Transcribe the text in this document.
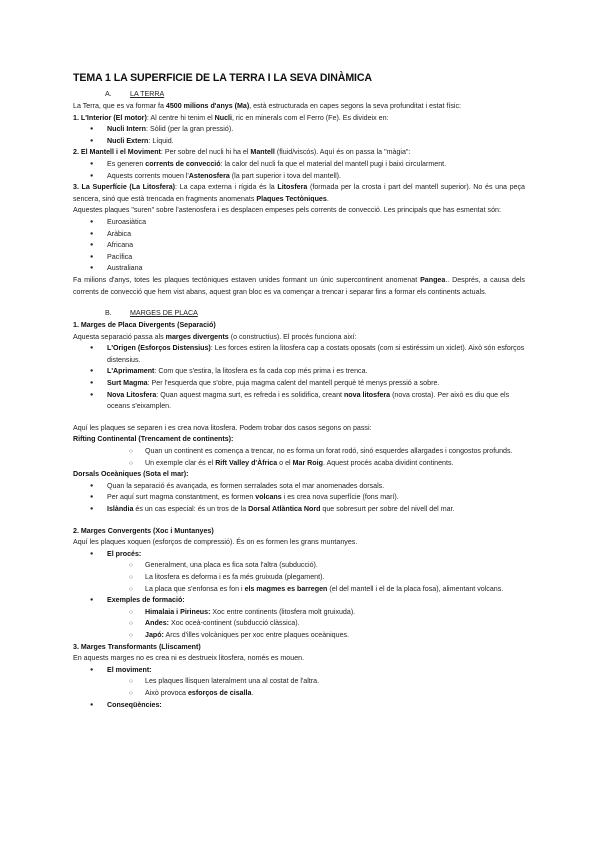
TEMA 1 LA SUPERFICIE DE LA TERRA I LA SEVA DINÀMICA
A.	LA TERRA

La Terra, que es va formar fa 4500 milions d'anys (Ma), està estructurada en capes segons la seva profunditat i estat físic:

1. L'Interior (El motor): Al centre hi tenim el Nucli, ric en minerals com el Ferro (Fe). Es divideix en:

● Nucli Intern: Sòlid (per la gran pressió).
● Nucli Extern: Líquid.

2. El Mantell i el Moviment: Per sobre del nucli hi ha el Mantell (fluid/viscós). Aquí és on passa la "màgia":

● Es generen corrents de convecció: la calor del nucli fa que el material del mantell pugi i baixi circularment.
● Aquests corrents mouen l'Astenosfera (la part superior i tova del mantell).

3. La Superfície (La Litosfera): La capa externa i rígida és la Litosfera (formada per la crosta i part del mantell superior). No és una peça sencera, sinó que està trencada en fragments anomenats Plaques Tectòniques.

Aquestes plaques "suren" sobre l'astenosfera i es desplacen empeses pels corrents de convecció. Les principals que has esmentat són:

● Euroasiàtica
● Aràbica
● Africana
● Pacífica
● Australiana

Fa milions d'anys, totes les plaques tectòniques estaven unides formant un únic supercontinent anomenat Pangea.. Després, a causa dels corrents de convecció que hem vist abans, aquest gran bloc es va començar a trencar i separar fins a formar els continents actuals.

B.	MARGES DE PLACA

1. Marges de Placa Divergents (Separació)

Aquesta separació passa als marges divergents (o constructius). El procés funciona així:

● L'Origen (Esforços Distensius): Les forces estiren la litosfera cap a costats oposats (com si estiréssim un xiclet). Això són esforços distensius.
● L'Aprimament: Com que s'estira, la litosfera es fa cada cop més prima i es trenca.
● Surt Magma: Per l'esquerda que s'obre, puja magma calent del mantell perquè té menys pressió a sobre.
● Nova Litosfera: Quan aquest magma surt, es refreda i es solidifica, creant nova litosfera (nova crosta). Per això es diu que els oceans s'eixamplen.

Aquí les plaques se separen i es crea nova litosfera. Podem trobar dos casos segons on passi:

Rifting Continental (Trencament de continents):

○ Quan un continent es comença a trencar, no es forma un forat rodó, sinó esquerdes allargades i congostos profunds.
○ Un exemple clar és el Rift Valley d'Àfrica o el Mar Roig. Aquest procés acaba dividint continents.

Dorsals Oceàniques (Sota el mar):

● Quan la separació és avançada, es formen serralades sota el mar anomenades dorsals.
● Per aquí surt magma constantment, es formen volcans i es crea nova superfície (fons marí).
● Islàndia és un cas especial: és un tros de la Dorsal Atlàntica Nord que sobresurt per sobre del nivell del mar.

2. Marges Convergents (Xoc i Muntanyes)

Aquí les plaques xoquen (esforços de compressió). És on es formen les grans muntanyes.

● El procés:
○ Generalment, una placa es fica sota l'altra (subducció).
○ La litosfera es deforma i es fa més gruixuda (plegament).
○ La placa que s'enfonsa es fon i els magmes es barregen (el del mantell i el de la placa fosa), alimentant volcans.
● Exemples de formació:
○ Himalaia i Pirineus: Xoc entre continents (litosfera molt gruixuda).
○ Andes: Xoc oceà-continent (subducció clàssica).
○ Japó: Arcs d'illes volcàniques per xoc entre plaques oceàniques.

3. Marges Transformants (Lliscament)

En aquests marges no es crea ni es destrueix litosfera, només es mouen.

● El moviment:
○ Les plaques llisquen lateralment una al costat de l'altra.
○ Això provoca esforços de cisalla.
● Conseqüències:
